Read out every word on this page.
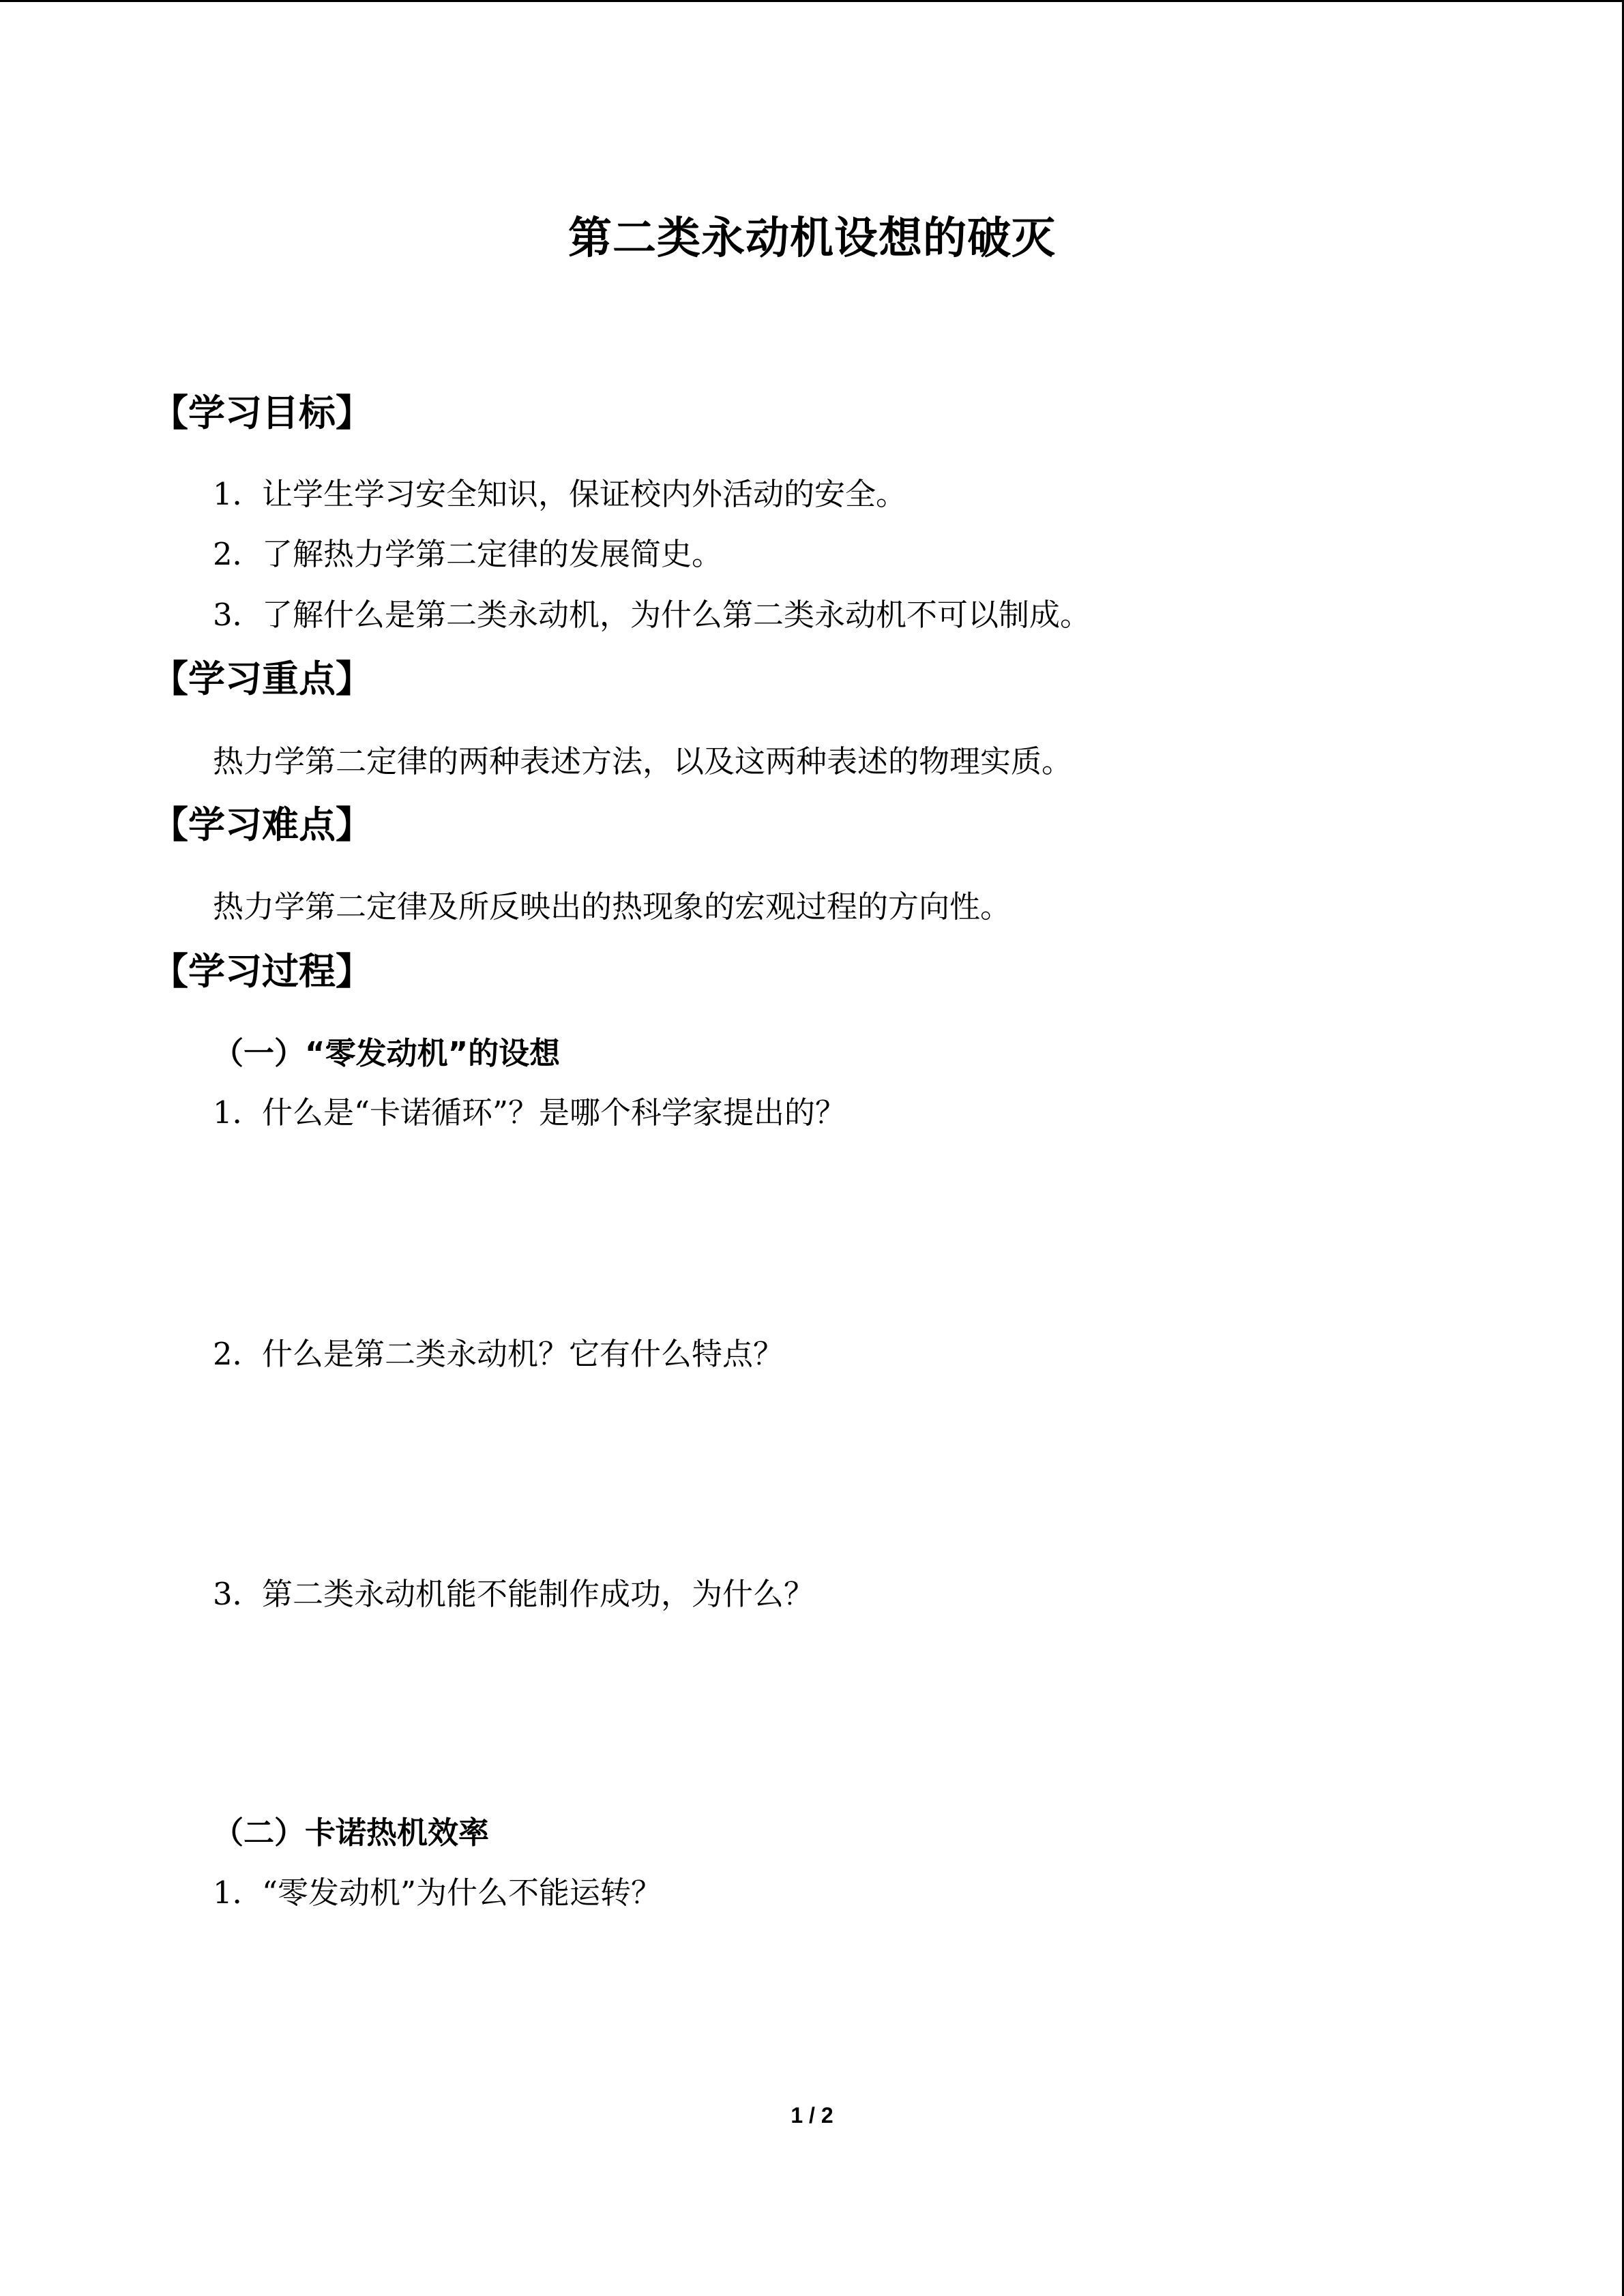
第二类永动机设想的破灭
【学习目标】
1．让学生学习安全知识，保证校内外活动的安全。
2．了解热力学第二定律的发展简史。
3．了解什么是第二类永动机，为什么第二类永动机不可以制成。
【学习重点】
热力学第二定律的两种表述方法，以及这两种表述的物理实质。
【学习难点】
热力学第二定律及所反映出的热现象的宏观过程的方向性。
【学习过程】
（一）“零发动机”的设想
1．什么是“卡诺循环”？是哪个科学家提出的？
2．什么是第二类永动机？它有什么特点？
3．第二类永动机能不能制作成功，为什么？
（二）卡诺热机效率
1．“零发动机”为什么不能运转？
1 / 2
